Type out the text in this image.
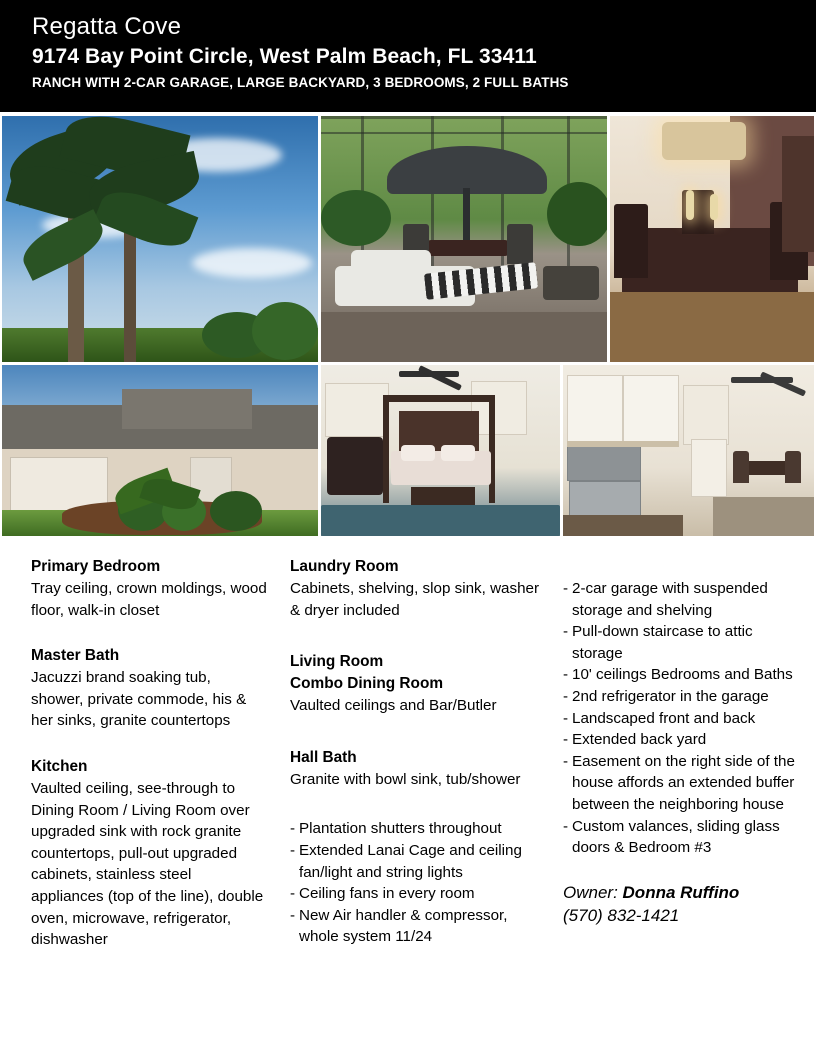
Regatta Cove
9174 Bay Point Circle, West Palm Beach, FL 33411
RANCH WITH 2-CAR GARAGE, LARGE BACKYARD, 3 BEDROOMS, 2 FULL BATHS
Primary Bedroom
Tray ceiling, crown moldings, wood floor, walk-in closet
Master Bath
Jacuzzi brand soaking tub, shower, private commode, his & her sinks, granite countertops
Kitchen
Vaulted ceiling, see-through to Dining Room / Living Room over upgraded sink with rock granite countertops, pull-out upgraded cabinets, stainless steel appliances (top of the line), double oven, microwave, refrigerator, dishwasher
Laundry Room
Cabinets, shelving, slop sink, washer & dryer included
Living Room
Combo Dining Room
Vaulted ceilings and Bar/Butler
Hall Bath
Granite with bowl sink, tub/shower
- Plantation shutters throughout
- Extended Lanai Cage and ceiling fan/light and string lights
- Ceiling fans in every room
- New Air handler & compressor, whole system 11/24
- 2-car garage with suspended storage and shelving
- Pull-down staircase to attic storage
- 10' ceilings Bedrooms and Baths
- 2nd refrigerator in the garage
- Landscaped front and back
- Extended back yard
- Easement on the right side of the house affords an extended buffer between the neighboring house
- Custom valances, sliding glass doors & Bedroom #3
Owner: Donna Ruffino
(570) 832-1421
